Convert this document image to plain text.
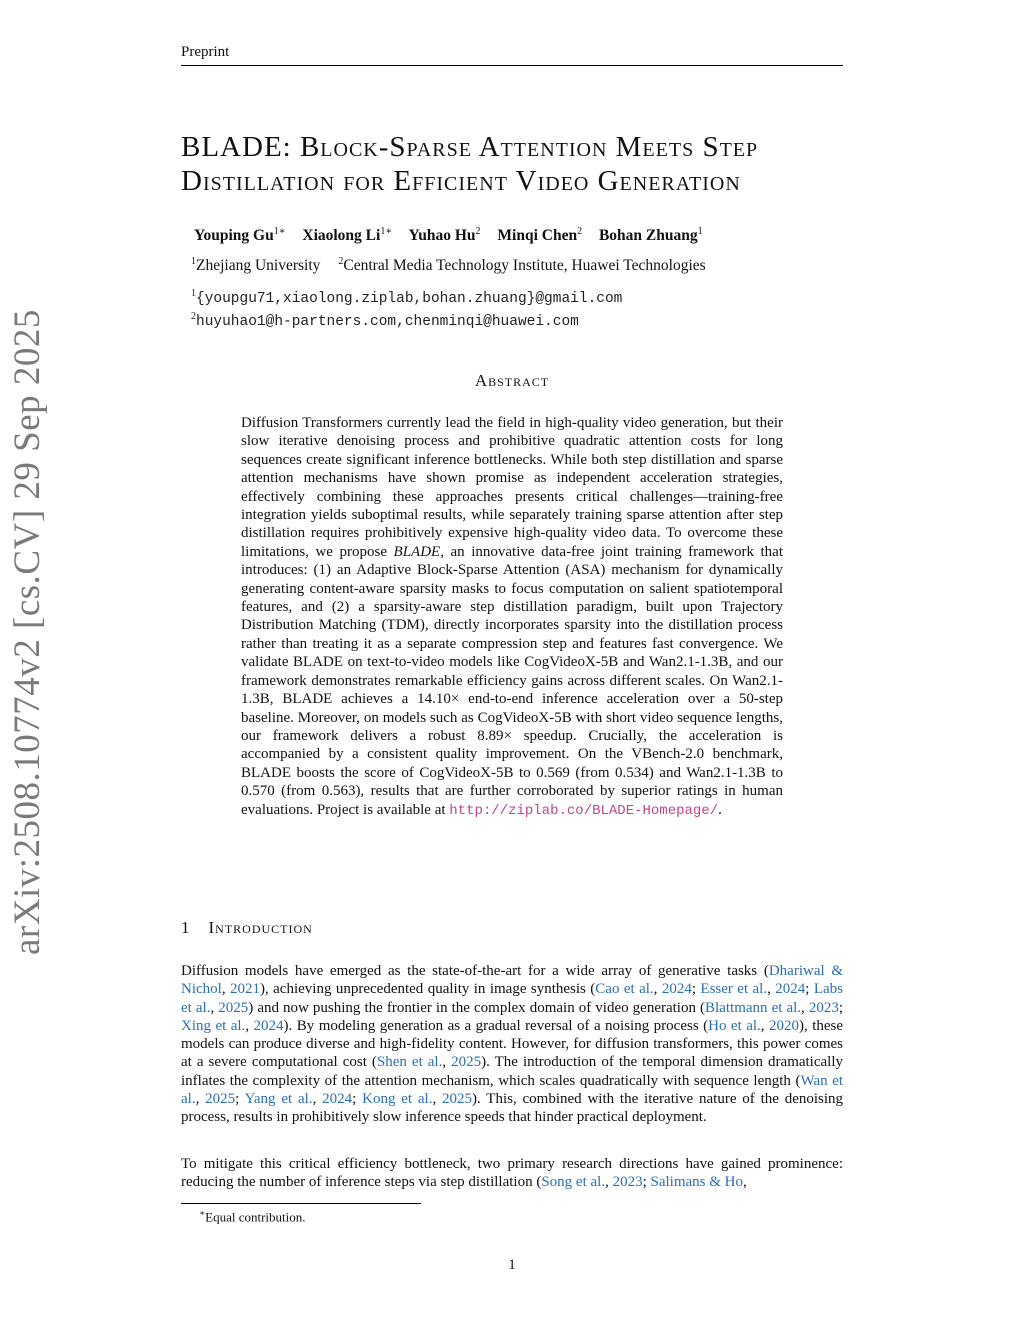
Preprint
arXiv:2508.10774v2 [cs.CV] 29 Sep 2025
BLADE: Block-Sparse Attention Meets Step
Distillation for Efficient Video Generation
Youping $Gu^{1∗}$ Xiaolong $Li^{1∗}$ Yuhao Hu$^2$ Minqi Chen$^2$ Bohan Zhuang$^1$
$^1$Zhejiang University $^2$Central Media Technology Institute, Huawei Technologies
$^1${youpgu71,xiaolong.ziplab,bohan.zhuang}@gmail.com
$^2$huyuhao1@h-partners.com,chenminqi@huawei.com
Abstract
Diffusion Transformers currently lead the field in high-quality video generation, but their slow iterative denoising process and prohibitive quadratic attention costs for long sequences create significant inference bottlenecks. While both step distillation and sparse attention mechanisms have shown promise as independent acceleration strategies, effectively combining these approaches presents critical challenges—training-free integration yields suboptimal results, while separately training sparse attention after step distillation requires prohibitively expensive high-quality video data. To overcome these limitations, we propose BLADE, an innovative data-free joint training framework that introduces: (1) an Adaptive Block-Sparse Attention (ASA) mechanism for dynamically generating content-aware sparsity masks to focus computation on salient spatiotemporal features, and (2) a sparsity-aware step distillation paradigm, built upon Trajectory Distribution Matching (TDM), directly incorporates sparsity into the distillation process rather than treating it as a separate compression step and features fast convergence. We validate BLADE on text-to-video models like CogVideoX-5B and Wan2.1-1.3B, and our framework demonstrates remarkable efficiency gains across different scales. On Wan2.1-1.3B, BLADE achieves a 14.10× end-to-end inference acceleration over a 50-step baseline. Moreover, on models such as CogVideoX-5B with short video sequence lengths, our framework delivers a robust 8.89× speedup. Crucially, the acceleration is accompanied by a consistent quality improvement. On the VBench-2.0 benchmark, BLADE boosts the score of CogVideoX-5B to 0.569 (from 0.534) and Wan2.1-1.3B to 0.570 (from 0.563), results that are further corroborated by superior ratings in human evaluations. Project is available at http://ziplab.co/BLADE-Homepage/.
1 Introduction
Diffusion models have emerged as the state-of-the-art for a wide array of generative tasks (Dhariwal & Nichol, 2021), achieving unprecedented quality in image synthesis (Cao et al., 2024; Esser et al., 2024; Labs et al., 2025) and now pushing the frontier in the complex domain of video generation (Blattmann et al., 2023; Xing et al., 2024). By modeling generation as a gradual reversal of a noising process (Ho et al., 2020), these models can produce diverse and high-fidelity content. However, for diffusion transformers, this power comes at a severe computational cost (Shen et al., 2025). The introduction of the temporal dimension dramatically inflates the complexity of the attention mechanism, which scales quadratically with sequence length (Wan et al., 2025; Yang et al., 2024; Kong et al., 2025). This, combined with the iterative nature of the denoising process, results in prohibitively slow inference speeds that hinder practical deployment.
To mitigate this critical efficiency bottleneck, two primary research directions have gained prominence: reducing the number of inference steps via step distillation (Song et al., 2023; Salimans & Ho,
∗Equal contribution.
1
